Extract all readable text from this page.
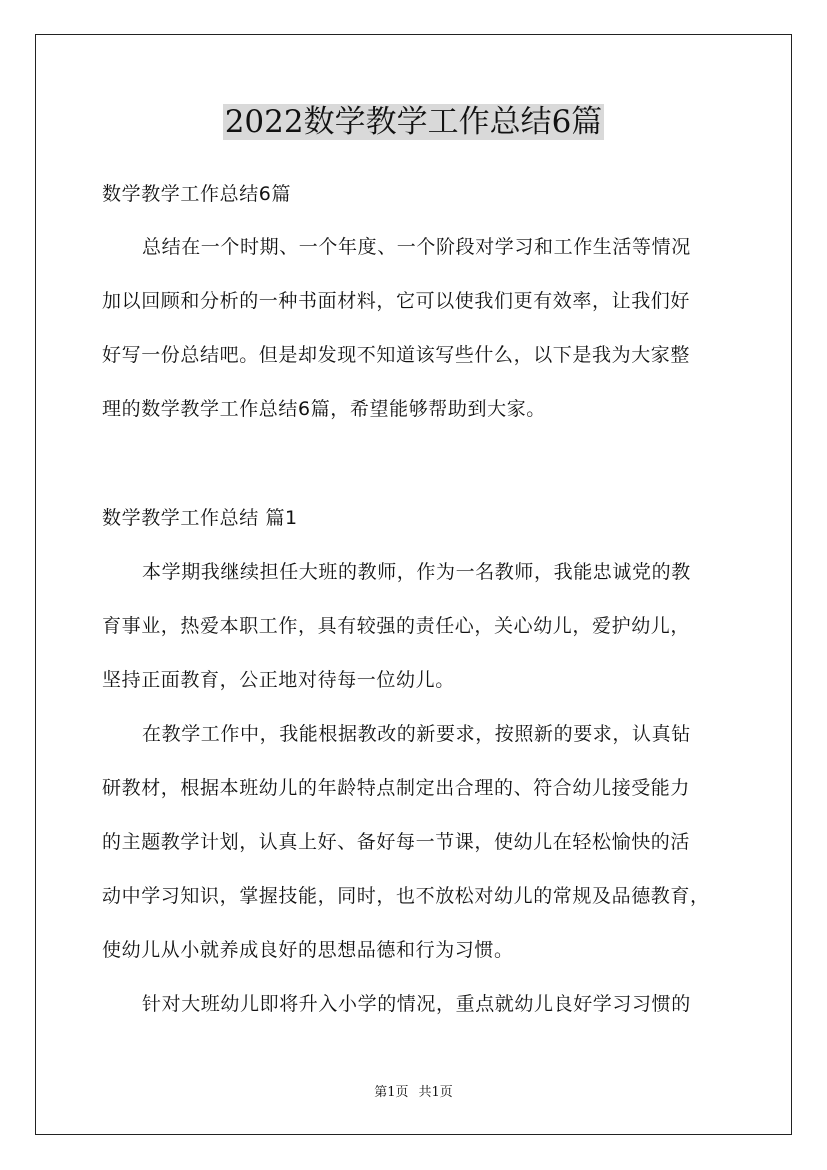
2022数学教学工作总结6篇
数学教学工作总结6篇
总结在一个时期、一个年度、一个阶段对学习和工作生活等情况
加以回顾和分析的一种书面材料，它可以使我们更有效率，让我们好
好写一份总结吧。但是却发现不知道该写些什么，以下是我为大家整
理的数学教学工作总结6篇，希望能够帮助到大家。
数学教学工作总结 篇1
本学期我继续担任大班的教师，作为一名教师，我能忠诚党的教
育事业，热爱本职工作，具有较强的责任心，关心幼儿，爱护幼儿，
坚持正面教育，公正地对待每一位幼儿。
在教学工作中，我能根据教改的新要求，按照新的要求，认真钻
研教材，根据本班幼儿的年龄特点制定出合理的、符合幼儿接受能力
的主题教学计划，认真上好、备好每一节课，使幼儿在轻松愉快的活
动中学习知识，掌握技能，同时，也不放松对幼儿的常规及品德教育，
使幼儿从小就养成良好的思想品德和行为习惯。
针对大班幼儿即将升入小学的情况，重点就幼儿良好学习习惯的
第1页 共1页
